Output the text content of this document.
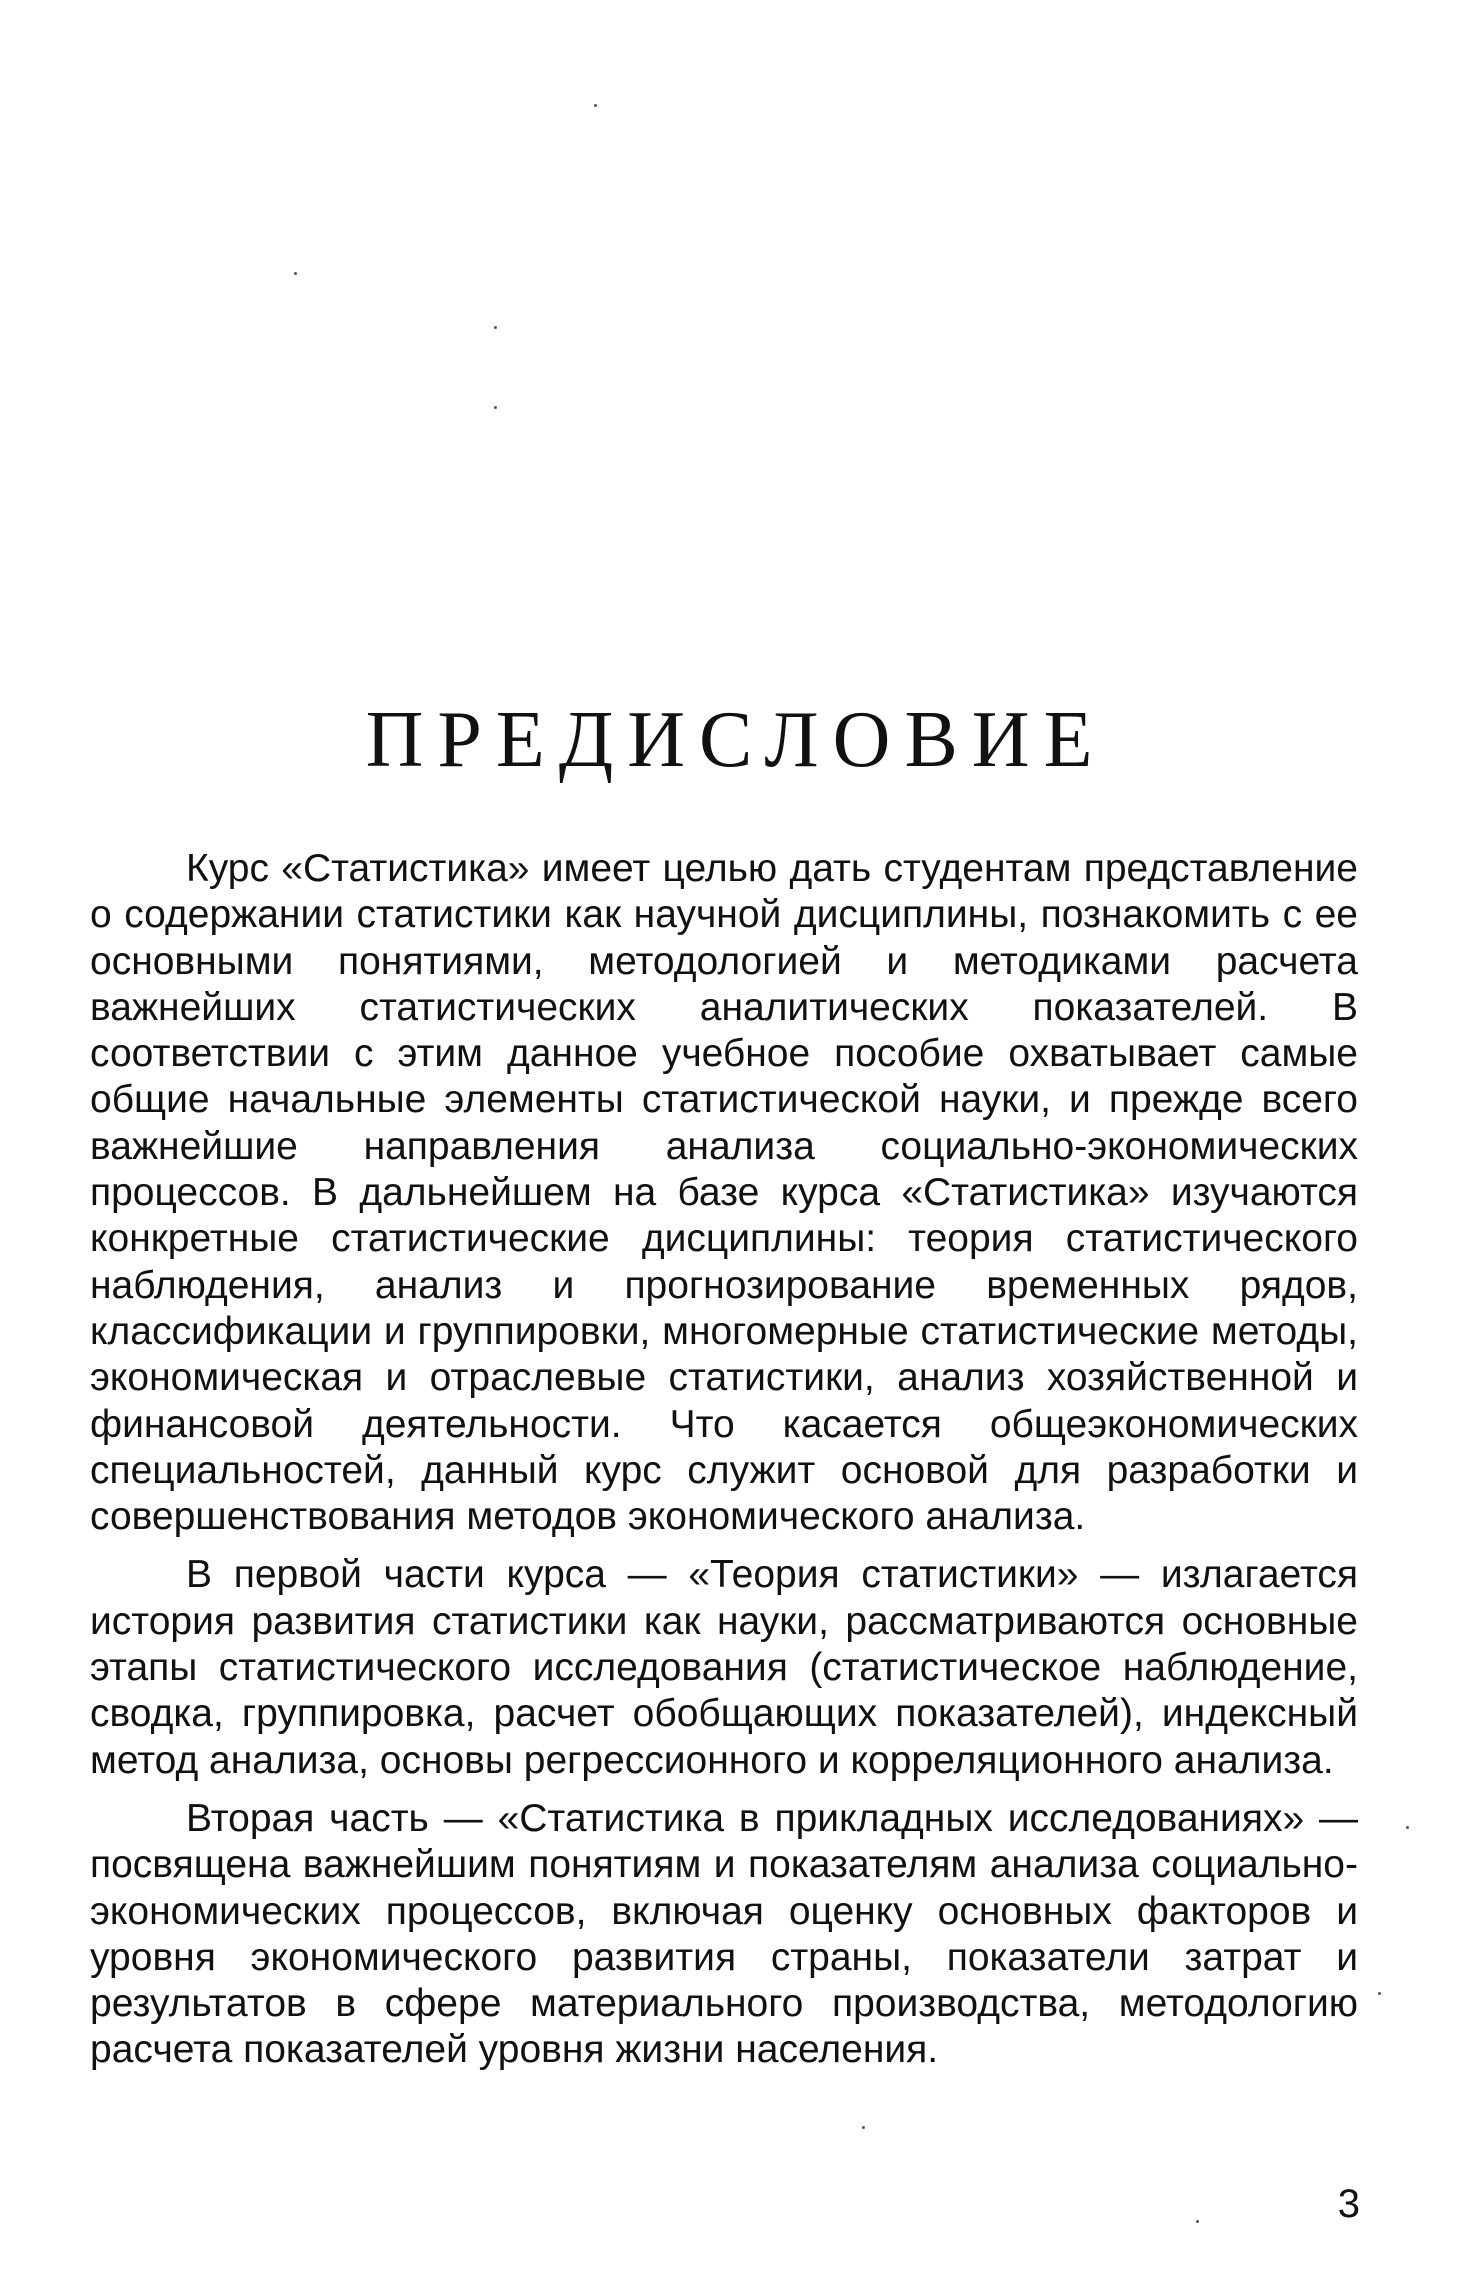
ПРЕДИСЛОВИЕ

Курс «Статистика» имеет целью дать студентам представление о содержании статистики как научной дисциплины, познакомить с ее основными понятиями, методологией и методиками расчета важнейших статистических аналитических показателей. В соответствии с этим данное учебное пособие охватывает самые общие начальные элементы статистической науки, и прежде всего важнейшие направления анализа социально-экономических процессов. В дальнейшем на базе курса «Статистика» изучаются конкретные статистические дисциплины: теория статистического наблюдения, анализ и прогнозирование временных рядов, классификации и группировки, многомерные статистические методы, экономическая и отраслевые статистики, анализ хозяйственной и финансовой деятельности. Что касается общеэкономических специальностей, данный курс служит основой для разработки и совершенствования методов экономического анализа.

В первой части курса — «Теория статистики» — излагается история развития статистики как науки, рассматриваются основные этапы статистического исследования (статистическое наблюдение, сводка, группировка, расчет обобщающих показателей), индексный метод анализа, основы регрессионного и корреляционного анализа.

Вторая часть — «Статистика в прикладных исследованиях» — посвящена важнейшим понятиям и показателям анализа социально-экономических процессов, включая оценку основных факторов и уровня экономического развития страны, показатели затрат и результатов в сфере материального производства, методологию расчета показателей уровня жизни населения.

3
